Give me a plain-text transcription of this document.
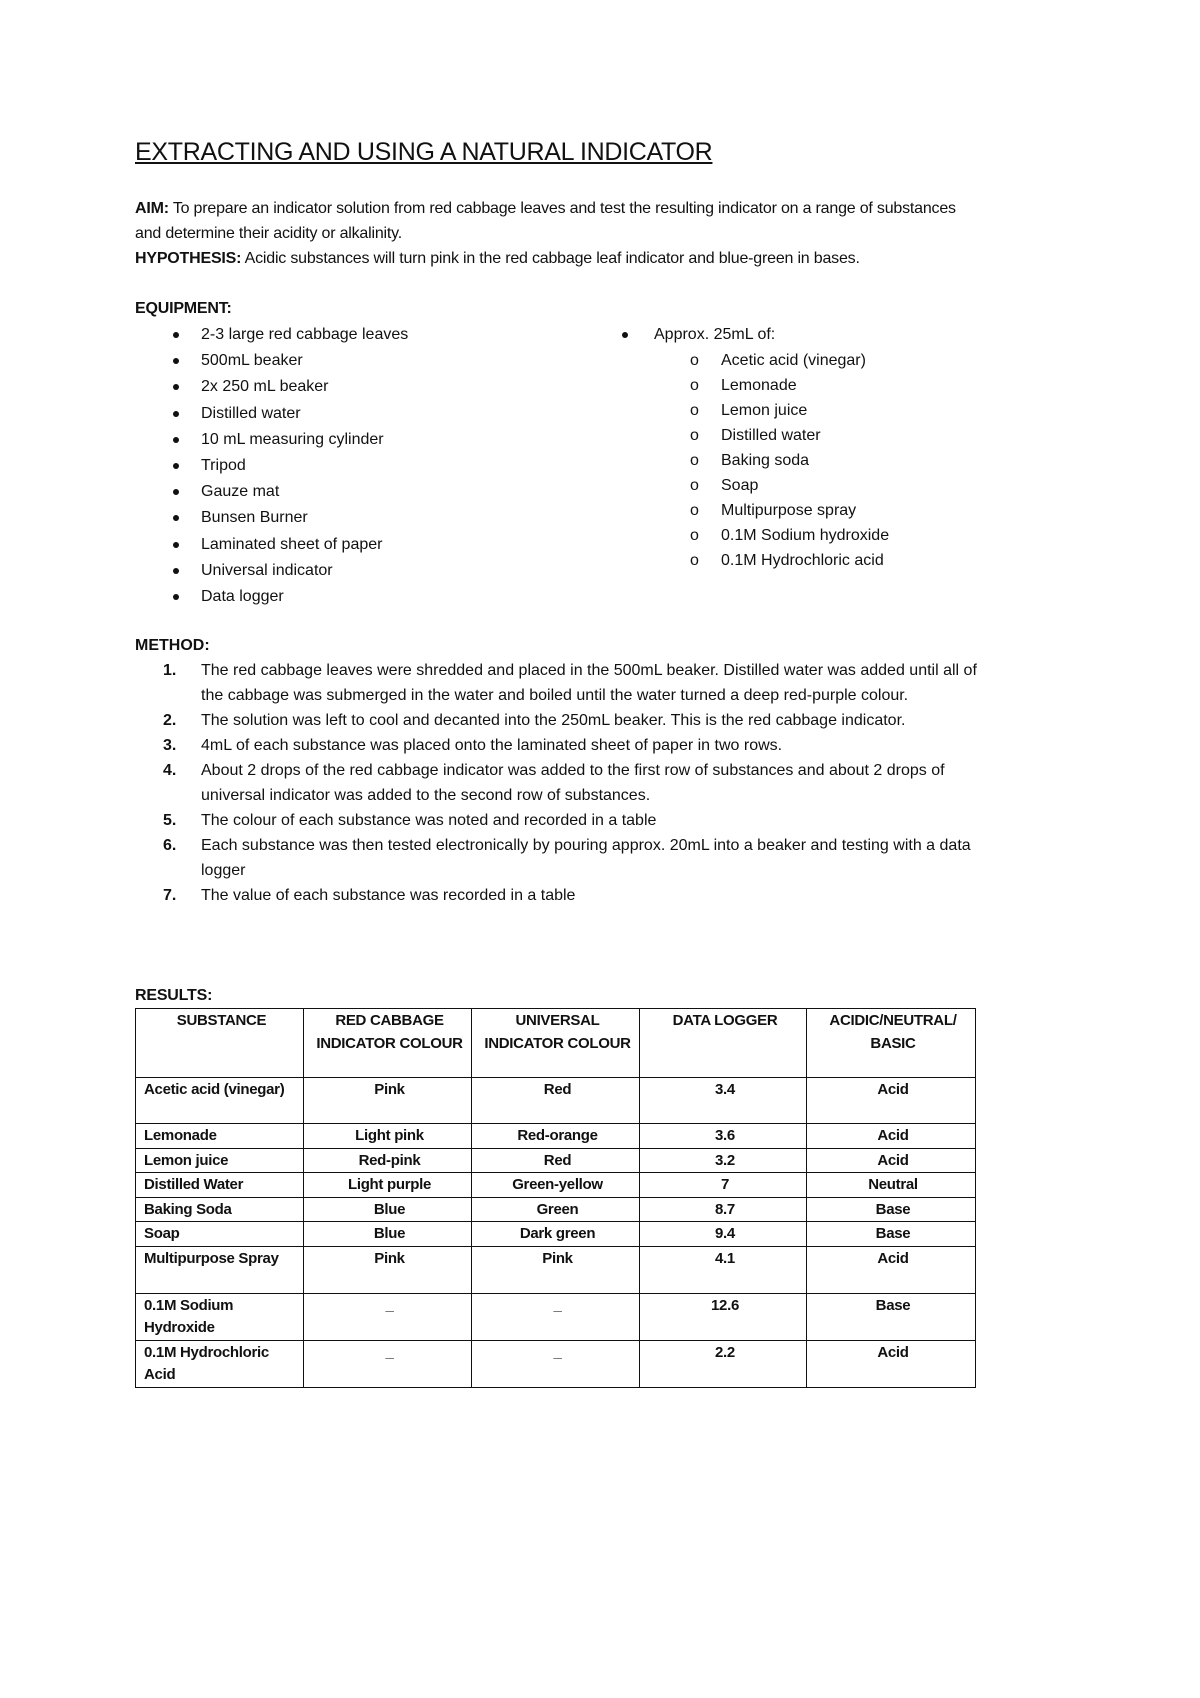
EXTRACTING AND USING A NATURAL INDICATOR
AIM: To prepare an indicator solution from red cabbage leaves and test the resulting indicator on a range of substances and determine their acidity or alkalinity.
HYPOTHESIS: Acidic substances will turn pink in the red cabbage leaf indicator and blue-green in bases.
EQUIPMENT:
2-3 large red cabbage leaves
500mL beaker
2x 250 mL beaker
Distilled water
10 mL measuring cylinder
Tripod
Gauze mat
Bunsen Burner
Laminated sheet of paper
Universal indicator
Data logger
Approx. 25mL of:
o Acetic acid (vinegar)
o Lemonade
o Lemon juice
o Distilled water
o Baking soda
o Soap
o Multipurpose spray
o 0.1M Sodium hydroxide
o 0.1M Hydrochloric acid
METHOD:
1. The red cabbage leaves were shredded and placed in the 500mL beaker. Distilled water was added until all of the cabbage was submerged in the water and boiled until the water turned a deep red-purple colour.
2. The solution was left to cool and decanted into the 250mL beaker. This is the red cabbage indicator.
3. 4mL of each substance was placed onto the laminated sheet of paper in two rows.
4. About 2 drops of the red cabbage indicator was added to the first row of substances and about 2 drops of universal indicator was added to the second row of substances.
5. The colour of each substance was noted and recorded in a table
6. Each substance was then tested electronically by pouring approx. 20mL into a beaker and testing with a data logger
7. The value of each substance was recorded in a table
RESULTS:
SUBSTANCE	RED CABBAGE INDICATOR COLOUR	UNIVERSAL INDICATOR COLOUR	DATA LOGGER	ACIDIC/NEUTRAL/ BASIC
Acetic acid (vinegar)	Pink	Red	3.4	Acid
Lemonade	Light pink	Red-orange	3.6	Acid
Lemon juice	Red-pink	Red	3.2	Acid
Distilled Water	Light purple	Green-yellow	7	Neutral
Baking Soda	Blue	Green	8.7	Base
Soap	Blue	Dark green	9.4	Base
Multipurpose Spray	Pink	Pink	4.1	Acid
0.1M Sodium Hydroxide	_	_	12.6	Base
0.1M Hydrochloric Acid	_	_	2.2	Acid
